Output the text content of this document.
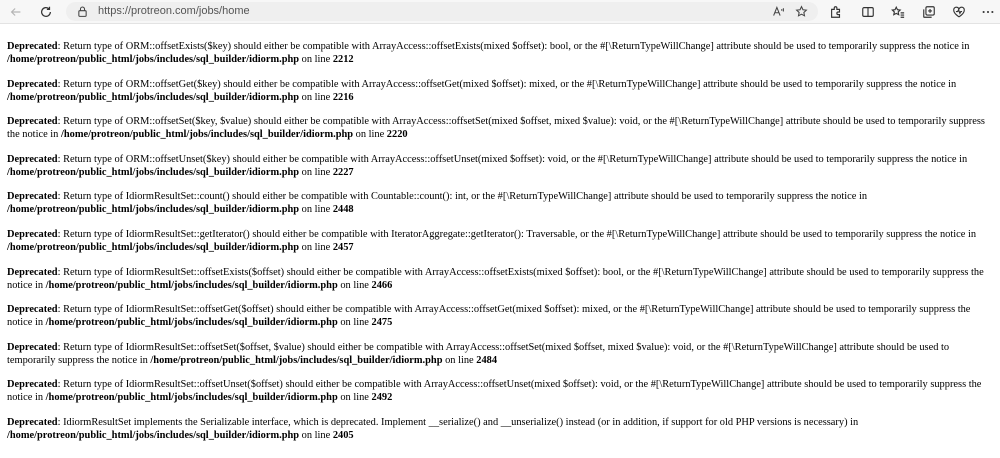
https://protreon.com/jobs/home

Deprecated: Return type of ORM::offsetExists($key) should either be compatible with ArrayAccess::offsetExists(mixed $offset): bool, or the #[\ReturnTypeWillChange] attribute should be used to temporarily suppress the notice in /home/protreon/public_html/jobs/includes/sql_builder/idiorm.php on line 2212

Deprecated: Return type of ORM::offsetGet($key) should either be compatible with ArrayAccess::offsetGet(mixed $offset): mixed, or the #[\ReturnTypeWillChange] attribute should be used to temporarily suppress the notice in /home/protreon/public_html/jobs/includes/sql_builder/idiorm.php on line 2216

Deprecated: Return type of ORM::offsetSet($key, $value) should either be compatible with ArrayAccess::offsetSet(mixed $offset, mixed $value): void, or the #[\ReturnTypeWillChange] attribute should be used to temporarily suppress the notice in /home/protreon/public_html/jobs/includes/sql_builder/idiorm.php on line 2220

Deprecated: Return type of ORM::offsetUnset($key) should either be compatible with ArrayAccess::offsetUnset(mixed $offset): void, or the #[\ReturnTypeWillChange] attribute should be used to temporarily suppress the notice in /home/protreon/public_html/jobs/includes/sql_builder/idiorm.php on line 2227

Deprecated: Return type of IdiormResultSet::count() should either be compatible with Countable::count(): int, or the #[\ReturnTypeWillChange] attribute should be used to temporarily suppress the notice in /home/protreon/public_html/jobs/includes/sql_builder/idiorm.php on line 2448

Deprecated: Return type of IdiormResultSet::getIterator() should either be compatible with IteratorAggregate::getIterator(): Traversable, or the #[\ReturnTypeWillChange] attribute should be used to temporarily suppress the notice in /home/protreon/public_html/jobs/includes/sql_builder/idiorm.php on line 2457

Deprecated: Return type of IdiormResultSet::offsetExists($offset) should either be compatible with ArrayAccess::offsetExists(mixed $offset): bool, or the #[\ReturnTypeWillChange] attribute should be used to temporarily suppress the notice in /home/protreon/public_html/jobs/includes/sql_builder/idiorm.php on line 2466

Deprecated: Return type of IdiormResultSet::offsetGet($offset) should either be compatible with ArrayAccess::offsetGet(mixed $offset): mixed, or the #[\ReturnTypeWillChange] attribute should be used to temporarily suppress the notice in /home/protreon/public_html/jobs/includes/sql_builder/idiorm.php on line 2475

Deprecated: Return type of IdiormResultSet::offsetSet($offset, $value) should either be compatible with ArrayAccess::offsetSet(mixed $offset, mixed $value): void, or the #[\ReturnTypeWillChange] attribute should be used to temporarily suppress the notice in /home/protreon/public_html/jobs/includes/sql_builder/idiorm.php on line 2484

Deprecated: Return type of IdiormResultSet::offsetUnset($offset) should either be compatible with ArrayAccess::offsetUnset(mixed $offset): void, or the #[\ReturnTypeWillChange] attribute should be used to temporarily suppress the notice in /home/protreon/public_html/jobs/includes/sql_builder/idiorm.php on line 2492

Deprecated: IdiormResultSet implements the Serializable interface, which is deprecated. Implement __serialize() and __unserialize() instead (or in addition, if support for old PHP versions is necessary) in /home/protreon/public_html/jobs/includes/sql_builder/idiorm.php on line 2405
